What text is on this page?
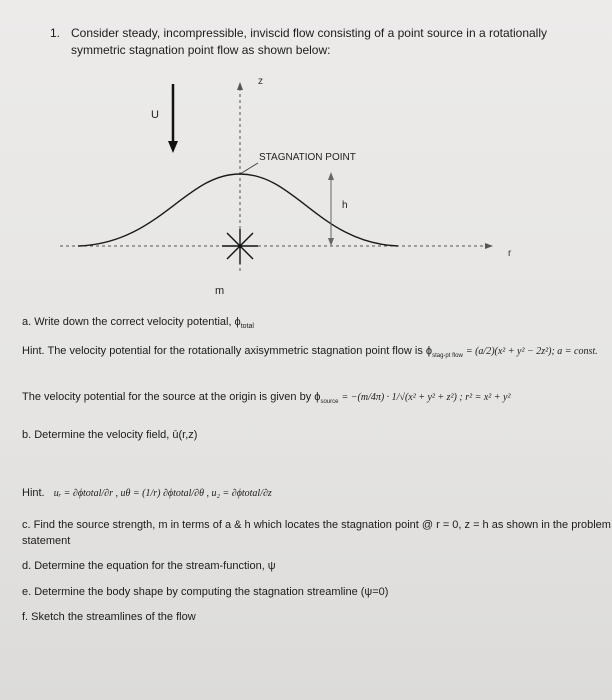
1. Consider steady, incompressible, inviscid flow consisting of a point source in a rotationally
symmetric stagnation point flow as shown below:
z
r
U
STAGNATION POINT
h
m
a. Write down the correct velocity potential, $\phi_{total}$
Hint. The velocity potential for the rotationally axisymmetric stagnation point flow is $\phi_{stag-pt flow} = (a/2)(x^2 + y^2 - 2z^2)$; a = const.
The velocity potential for the source at the origin is given by $\phi_{source} = -(m/4\pi) \cdot 1/√(x^2 + y^2 + z^2)$ ; r² = x² + y²
b. Determine the velocity field, ū(r,z)
Hint. uᵣ = ∂ϕtotal/∂r , uθ = (1/r) ∂ϕtotal/∂θ , u₂ = ∂ϕtotal/∂z
c. Find the source strength, m in terms of a & h which locates the stagnation point @ r = 0, z = h as shown in the problem
statement
d. Determine the equation for the stream-function, ψ
e. Determine the body shape by computing the stagnation streamline (ψ=0)
f. Sketch the streamlines of the flow
